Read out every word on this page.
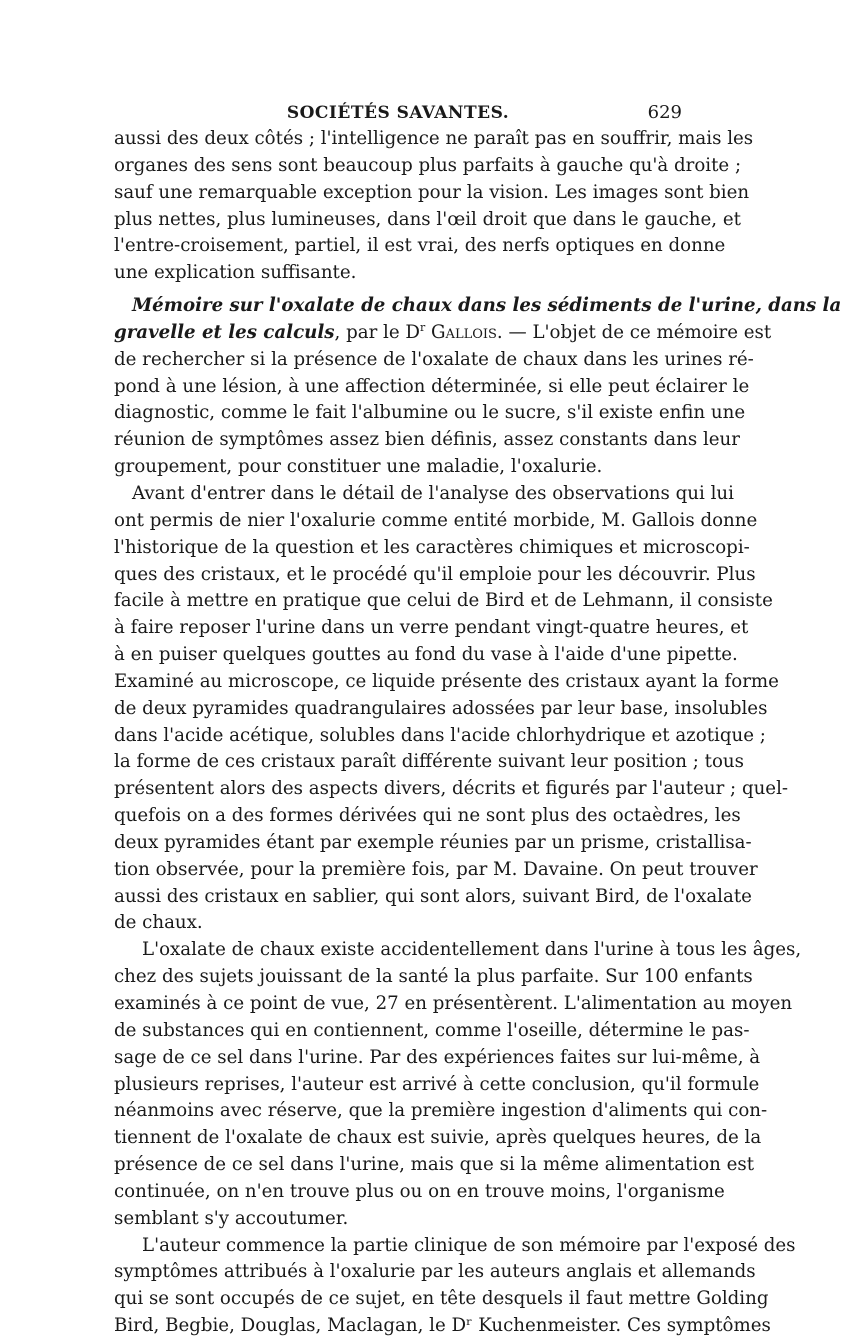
SOCIÉTÉS SAVANTES.	629
aussi des deux côtés ; l'intelligence ne paraît pas en souffrir, mais les
organes des sens sont beaucoup plus parfaits à gauche qu'à droite ;
sauf une remarquable exception pour la vision. Les images sont bien
plus nettes, plus lumineuses, dans l'œil droit que dans le gauche, et
l'entre-croisement, partiel, il est vrai, des nerfs optiques en donne
une explication suffisante.
Mémoire sur l'oxalate de chaux dans les sédiments de l'urine, dans la
gravelle et les calculs, par le $D^r$ Gallois. — L'objet de ce mémoire est
de rechercher si la présence de l'oxalate de chaux dans les urines ré-
pond à une lésion, à une affection déterminée, si elle peut éclairer le
diagnostic, comme le fait l'albumine ou le sucre, s'il existe enfin une
réunion de symptômes assez bien définis, assez constants dans leur
groupement, pour constituer une maladie, l'oxalurie.
Avant d'entrer dans le détail de l'analyse des observations qui lui
ont permis de nier l'oxalurie comme entité morbide, M. Gallois donne
l'historique de la question et les caractères chimiques et microscopi-
ques des cristaux, et le procédé qu'il emploie pour les découvrir. Plus
facile à mettre en pratique que celui de Bird et de Lehmann, il consiste
à faire reposer l'urine dans un verre pendant vingt-quatre heures, et
à en puiser quelques gouttes au fond du vase à l'aide d'une pipette.
Examiné au microscope, ce liquide présente des cristaux ayant la forme
de deux pyramides quadrangulaires adossées par leur base, insolubles
dans l'acide acétique, solubles dans l'acide chlorhydrique et azotique ;
la forme de ces cristaux paraît différente suivant leur position ; tous
présentent alors des aspects divers, décrits et figurés par l'auteur ; quel-
quefois on a des formes dérivées qui ne sont plus des octaèdres, les
deux pyramides étant par exemple réunies par un prisme, cristallisa-
tion observée, pour la première fois, par M. Davaine. On peut trouver
aussi des cristaux en sablier, qui sont alors, suivant Bird, de l'oxalate
de chaux.
L'oxalate de chaux existe accidentellement dans l'urine à tous les âges,
chez des sujets jouissant de la santé la plus parfaite. Sur 100 enfants
examinés à ce point de vue, 27 en présentèrent. L'alimentation au moyen
de substances qui en contiennent, comme l'oseille, détermine le pas-
sage de ce sel dans l'urine. Par des expériences faites sur lui-même, à
plusieurs reprises, l'auteur est arrivé à cette conclusion, qu'il formule
néanmoins avec réserve, que la première ingestion d'aliments qui con-
tiennent de l'oxalate de chaux est suivie, après quelques heures, de la
présence de ce sel dans l'urine, mais que si la même alimentation est
continuée, on n'en trouve plus ou on en trouve moins, l'organisme
semblant s'y accoutumer.
L'auteur commence la partie clinique de son mémoire par l'exposé des
symptômes attribués à l'oxalurie par les auteurs anglais et allemands
qui se sont occupés de ce sujet, en tête desquels il faut mettre Golding
Bird, Begbie, Douglas, Maclagan, le Dʳ Kuchenmeister. Ces symptômes
